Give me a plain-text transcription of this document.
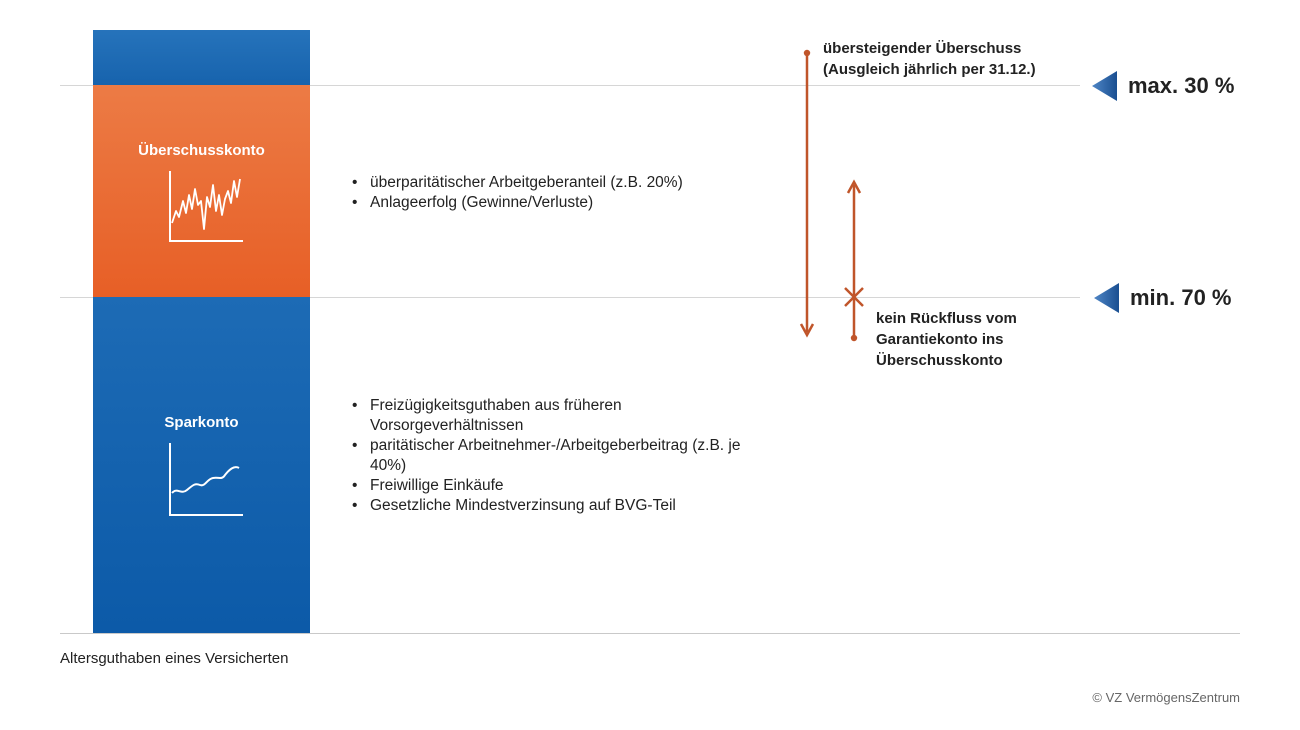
Überschusskonto
Sparkonto
• überparitätischer Arbeitgeberanteil (z.B. 20%)
• Anlageerfolg (Gewinne/Verluste)
• Freizügigkeitsguthaben aus früheren Vorsorgeverhältnissen
• paritätischer Arbeitnehmer-/Arbeitgeberbeitrag (z.B. je 40%)
• Freiwillige Einkäufe
• Gesetzliche Mindestverzinsung auf BVG-Teil
übersteigender Überschuss
(Ausgleich jährlich per 31.12.)
kein Rückfluss vom
Garantiekonto ins
Überschusskonto
max. 30 %
min. 70 %
Altersguthaben eines Versicherten
© VZ VermögensZentrum
